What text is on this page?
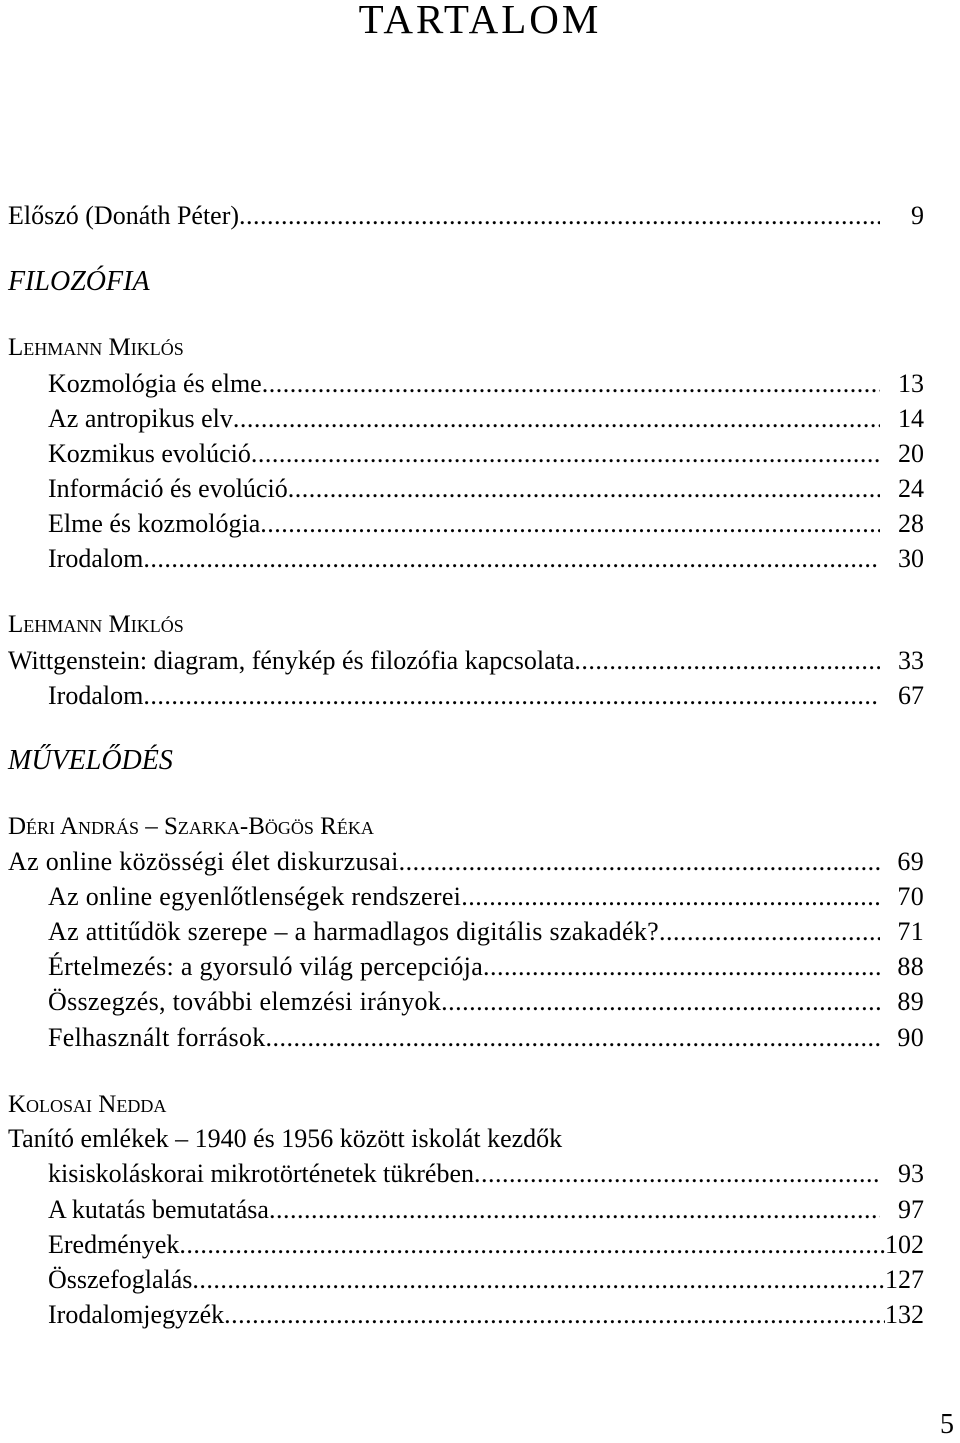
TARTALOM
Előszó (Donáth Péter) .....	9
FILOZÓFIA
Lehmann Miklós
Kozmológia és elme .....	13
Az antropikus elv .....	14
Kozmikus evolúció .....	20
Információ és evolúció .....	24
Elme és kozmológia .....	28
Irodalom .....	30
Lehmann Miklós
Wittgenstein: diagram, fénykép és filozófia kapcsolata .....	33
Irodalom .....	67
MŰVELŐDÉS
Déri András – Szarka-Bögös Réka
Az online közösségi élet diskurzusai .....	69
Az online egyenlőtlenségek rendszerei .....	70
Az attitűdök szerepe – a harmadlagos digitális szakadék? .....	71
Értelmezés: a gyorsuló világ percepciója .....	88
Összegzés, további elemzési irányok .....	89
Felhasznált források .....	90
Kolosai Nedda
Tanító emlékek – 1940 és 1956 között iskolát kezdők
kisiskoláskorai mikrotörténetek tükrében .....	93
A kutatás bemutatása .....	97
Eredmények .....	102
Összefoglalás .....	127
Irodalomjegyzék .....	132
5
